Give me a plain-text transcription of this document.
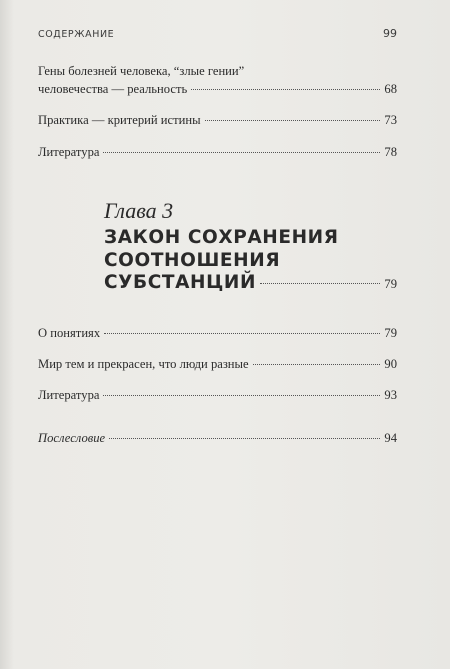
СОДЕРЖАНИЕ	99
Гены болезней человека, “злые гении”
человечества — реальность	68
Практика — критерий истины	73
Литература	78
Глава 3
ЗАКОН СОХРАНЕНИЯ
СООТНОШЕНИЯ
СУБСТАНЦИЙ	79
О понятиях	79
Мир тем и прекрасен, что люди разные	90
Литература	93
Послесловие	94
